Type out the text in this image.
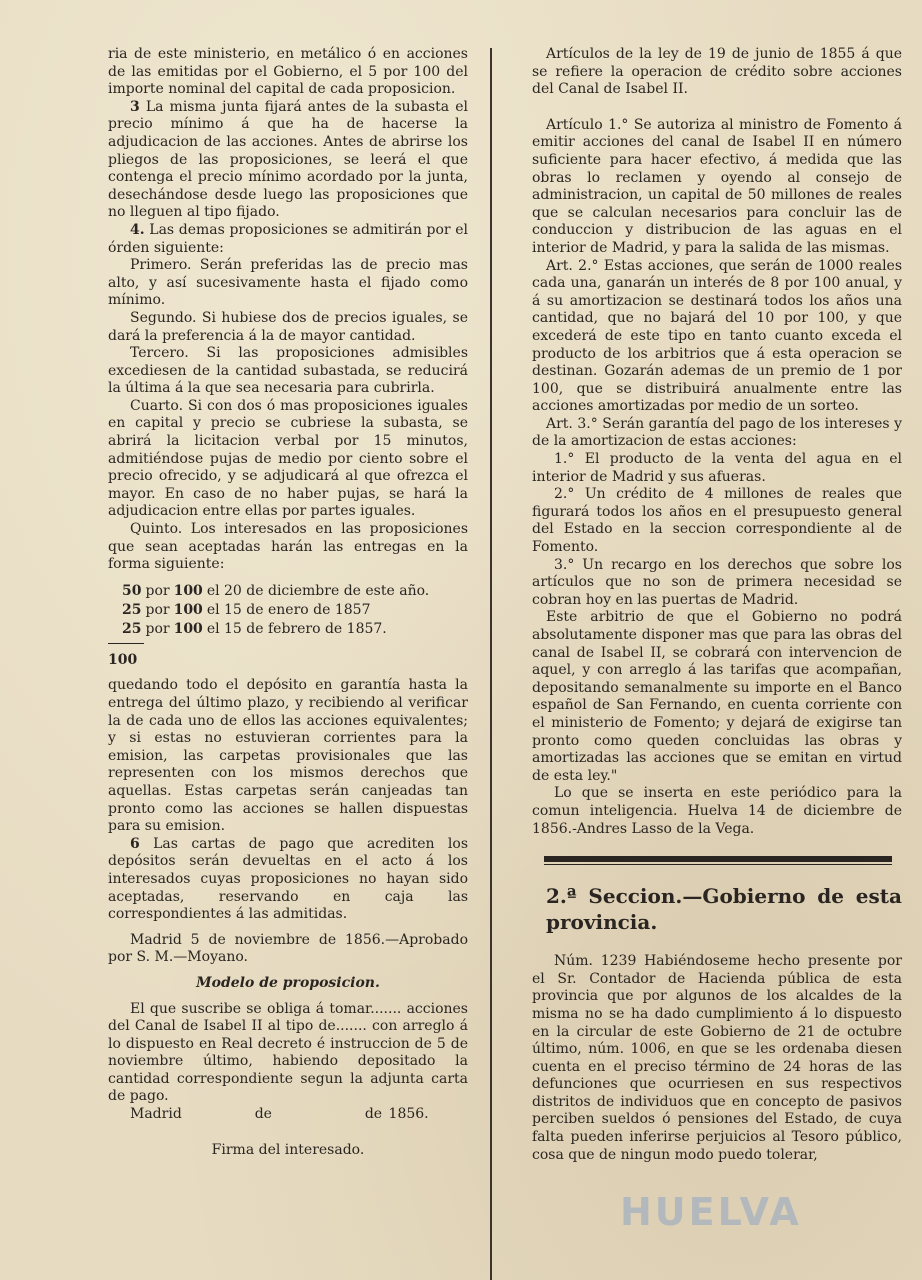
ria de este ministerio, en metálico ó en acciones de las emitidas por el Gobierno, el 5 por 100 del importe nominal del capital de cada proposicion.

3 La misma junta fijará antes de la subasta el precio mínimo á que ha de hacerse la adjudicacion de las acciones. Antes de abrirse los pliegos de las proposiciones, se leerá el que contenga el precio mínimo acordado por la junta, desechándose desde luego las proposiciones que no lleguen al tipo fijado.

4. Las demas proposiciones se admitirán por el órden siguiente:

Primero. Serán preferidas las de precio mas alto, y así sucesivamente hasta el fijado como mínimo.

Segundo. Si hubiese dos de precios iguales, se dará la preferencia á la de mayor cantidad.

Tercero. Si las proposiciones admisibles excediesen de la cantidad subastada, se reducirá la última á la que sea necesaria para cubrirla.

Cuarto. Si con dos ó mas proposiciones iguales en capital y precio se cubriese la subasta, se abrirá la licitacion verbal por 15 minutos, admitiéndose pujas de medio por ciento sobre el precio ofrecido, y se adjudicará al que ofrezca el mayor. En caso de no haber pujas, se hará la adjudicacion entre ellas por partes iguales.

Quinto. Los interesados en las proposiciones que sean aceptadas harán las entregas en la forma siguiente:

50	por	100	el 20 de diciembre de este año.
25	por	100	el 15 de enero de 1857
25	por	100	el 15 de febrero de 1857.

100

quedando todo el depósito en garantía hasta la entrega del último plazo, y recibiendo al verificar la de cada uno de ellos las acciones equivalentes; y si estas no estuvieran corrientes para la emision, las carpetas provisionales que las representen con los mismos derechos que aquellas. Estas carpetas serán canjeadas tan pronto como las acciones se hallen dispuestas para su emision.

6 Las cartas de pago que acrediten los depósitos serán devueltas en el acto á los interesados cuyas proposiciones no hayan sido aceptadas, reservando en caja las correspondientes á las admitidas.

Madrid 5 de noviembre de 1856.—Aprobado por S. M.—Moyano.

Modelo de proposicion.

El que suscribe se obliga á tomar....... acciones del Canal de Isabel II al tipo de....... con arreglo á lo dispuesto en Real decreto é instruccion de 5 de noviembre último, habiendo depositado la cantidad correspondiente segun la adjunta carta de pago.

Madrid	de	de 1856.

Firma del interesado.

Artículos de la ley de 19 de junio de 1855 á que se refiere la operacion de crédito sobre acciones del Canal de Isabel II.

Artículo 1.° Se autoriza al ministro de Fomento á emitir acciones del canal de Isabel II en número suficiente para hacer efectivo, á medida que las obras lo reclamen y oyendo al consejo de administracion, un capital de 50 millones de reales que se calculan necesarios para concluir las de conduccion y distribucion de las aguas en el interior de Madrid, y para la salida de las mismas.

Art. 2.° Estas acciones, que serán de 1000 reales cada una, ganarán un interés de 8 por 100 anual, y á su amortizacion se destinará todos los años una cantidad, que no bajará del 10 por 100, y que excederá de este tipo en tanto cuanto exceda el producto de los arbitrios que á esta operacion se destinan. Gozarán ademas de un premio de 1 por 100, que se distribuirá anualmente entre las acciones amortizadas por medio de un sorteo.

Art. 3.° Serán garantía del pago de los intereses y de la amortizacion de estas acciones:

1.° El producto de la venta del agua en el interior de Madrid y sus afueras.

2.° Un crédito de 4 millones de reales que figurará todos los años en el presupuesto general del Estado en la seccion correspondiente al de Fomento.

3.° Un recargo en los derechos que sobre los artículos que no son de primera necesidad se cobran hoy en las puertas de Madrid.

Este arbitrio de que el Gobierno no podrá absolutamente disponer mas que para las obras del canal de Isabel II, se cobrará con intervencion de aquel, y con arreglo á las tarifas que acompañan, depositando semanalmente su importe en el Banco español de San Fernando, en cuenta corriente con el ministerio de Fomento; y dejará de exigirse tan pronto como queden concluidas las obras y amortizadas las acciones que se emitan en virtud de esta ley."

Lo que se inserta en este periódico para la comun inteligencia. Huelva 14 de diciembre de 1856.-Andres Lasso de la Vega.

2.ª Seccion.—Gobierno de esta provincia.

Núm. 1239 Habiéndoseme hecho presente por el Sr. Contador de Hacienda pública de esta provincia que por algunos de los alcaldes de la misma no se ha dado cumplimiento á lo dispuesto en la circular de este Gobierno de 21 de octubre último, núm. 1006, en que se les ordenaba diesen cuenta en el preciso término de 24 horas de las defunciones que ocurriesen en sus respectivos distritos de individuos que en concepto de pasivos perciben sueldos ó pensiones del Estado, de cuya falta pueden inferirse perjuicios al Tesoro público, cosa que de ningun modo puedo tolerar,

HUELVA
